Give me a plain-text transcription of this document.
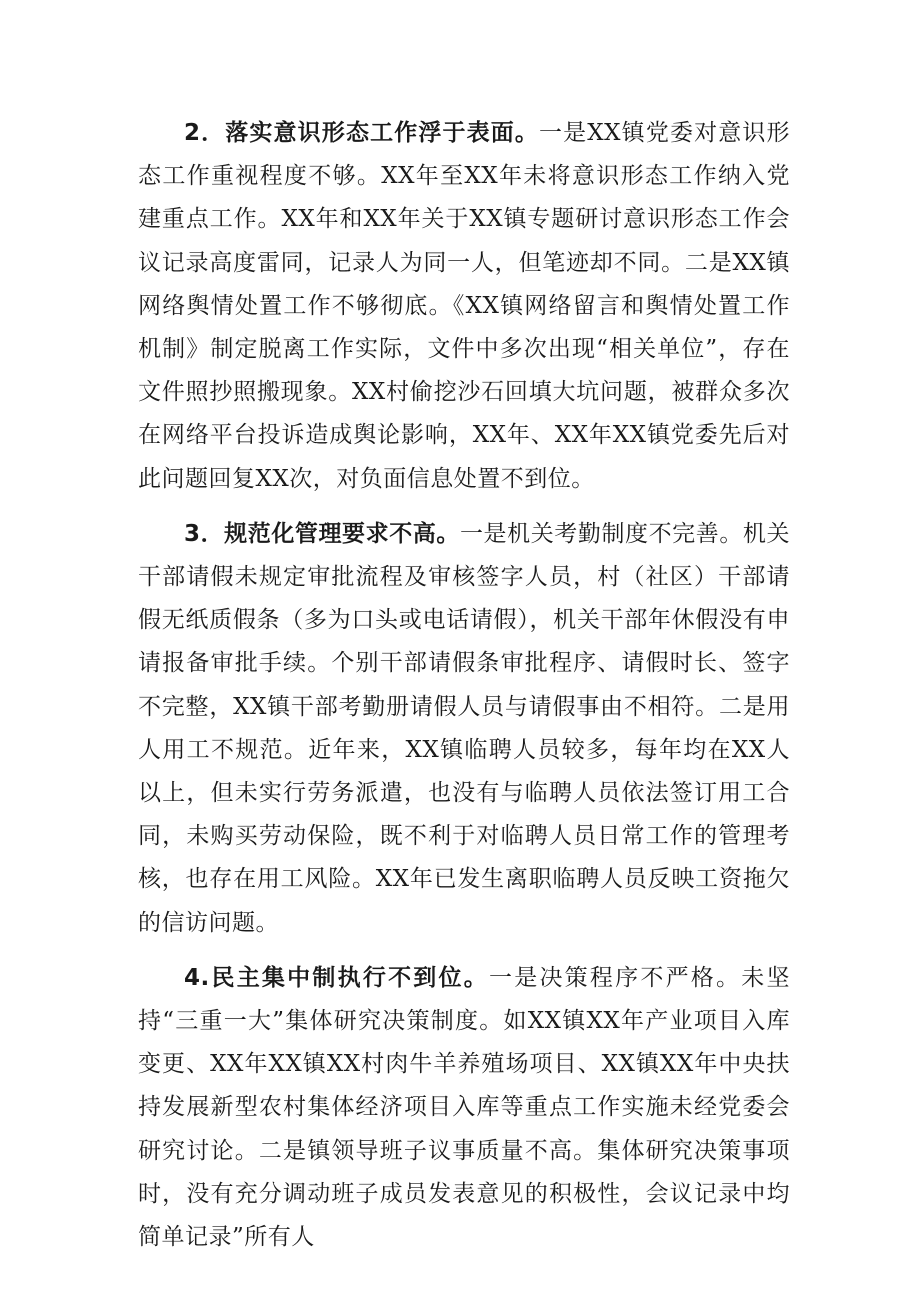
2．落实意识形态工作浮于表面。一是XX镇党委对意识形态工作重视程度不够。XX年至XX年未将意识形态工作纳入党建重点工作。XX年和XX年关于XX镇专题研讨意识形态工作会议记录高度雷同，记录人为同一人，但笔迹却不同。二是XX镇网络舆情处置工作不够彻底。《XX镇网络留言和舆情处置工作机制》制定脱离工作实际，文件中多次出现“相关单位”，存在文件照抄照搬现象。XX村偷挖沙石回填大坑问题，被群众多次在网络平台投诉造成舆论影响，XX年、XX年XX镇党委先后对此问题回复XX次，对负面信息处置不到位。

3．规范化管理要求不高。一是机关考勤制度不完善。机关干部请假未规定审批流程及审核签字人员，村（社区）干部请假无纸质假条（多为口头或电话请假），机关干部年休假没有申请报备审批手续。个别干部请假条审批程序、请假时长、签字不完整，XX镇干部考勤册请假人员与请假事由不相符。二是用人用工不规范。近年来，XX镇临聘人员较多，每年均在XX人以上，但未实行劳务派遣，也没有与临聘人员依法签订用工合同，未购买劳动保险，既不利于对临聘人员日常工作的管理考核，也存在用工风险。XX年已发生离职临聘人员反映工资拖欠的信访问题。

4.民主集中制执行不到位。一是决策程序不严格。未坚持“三重一大”集体研究决策制度。如XX镇XX年产业项目入库变更、XX年XX镇XX村肉牛羊养殖场项目、XX镇XX年中央扶持发展新型农村集体经济项目入库等重点工作实施未经党委会研究讨论。二是镇领导班子议事质量不高。集体研究决策事项时，没有充分调动班子成员发表意见的积极性，会议记录中均简单记录”所有人
